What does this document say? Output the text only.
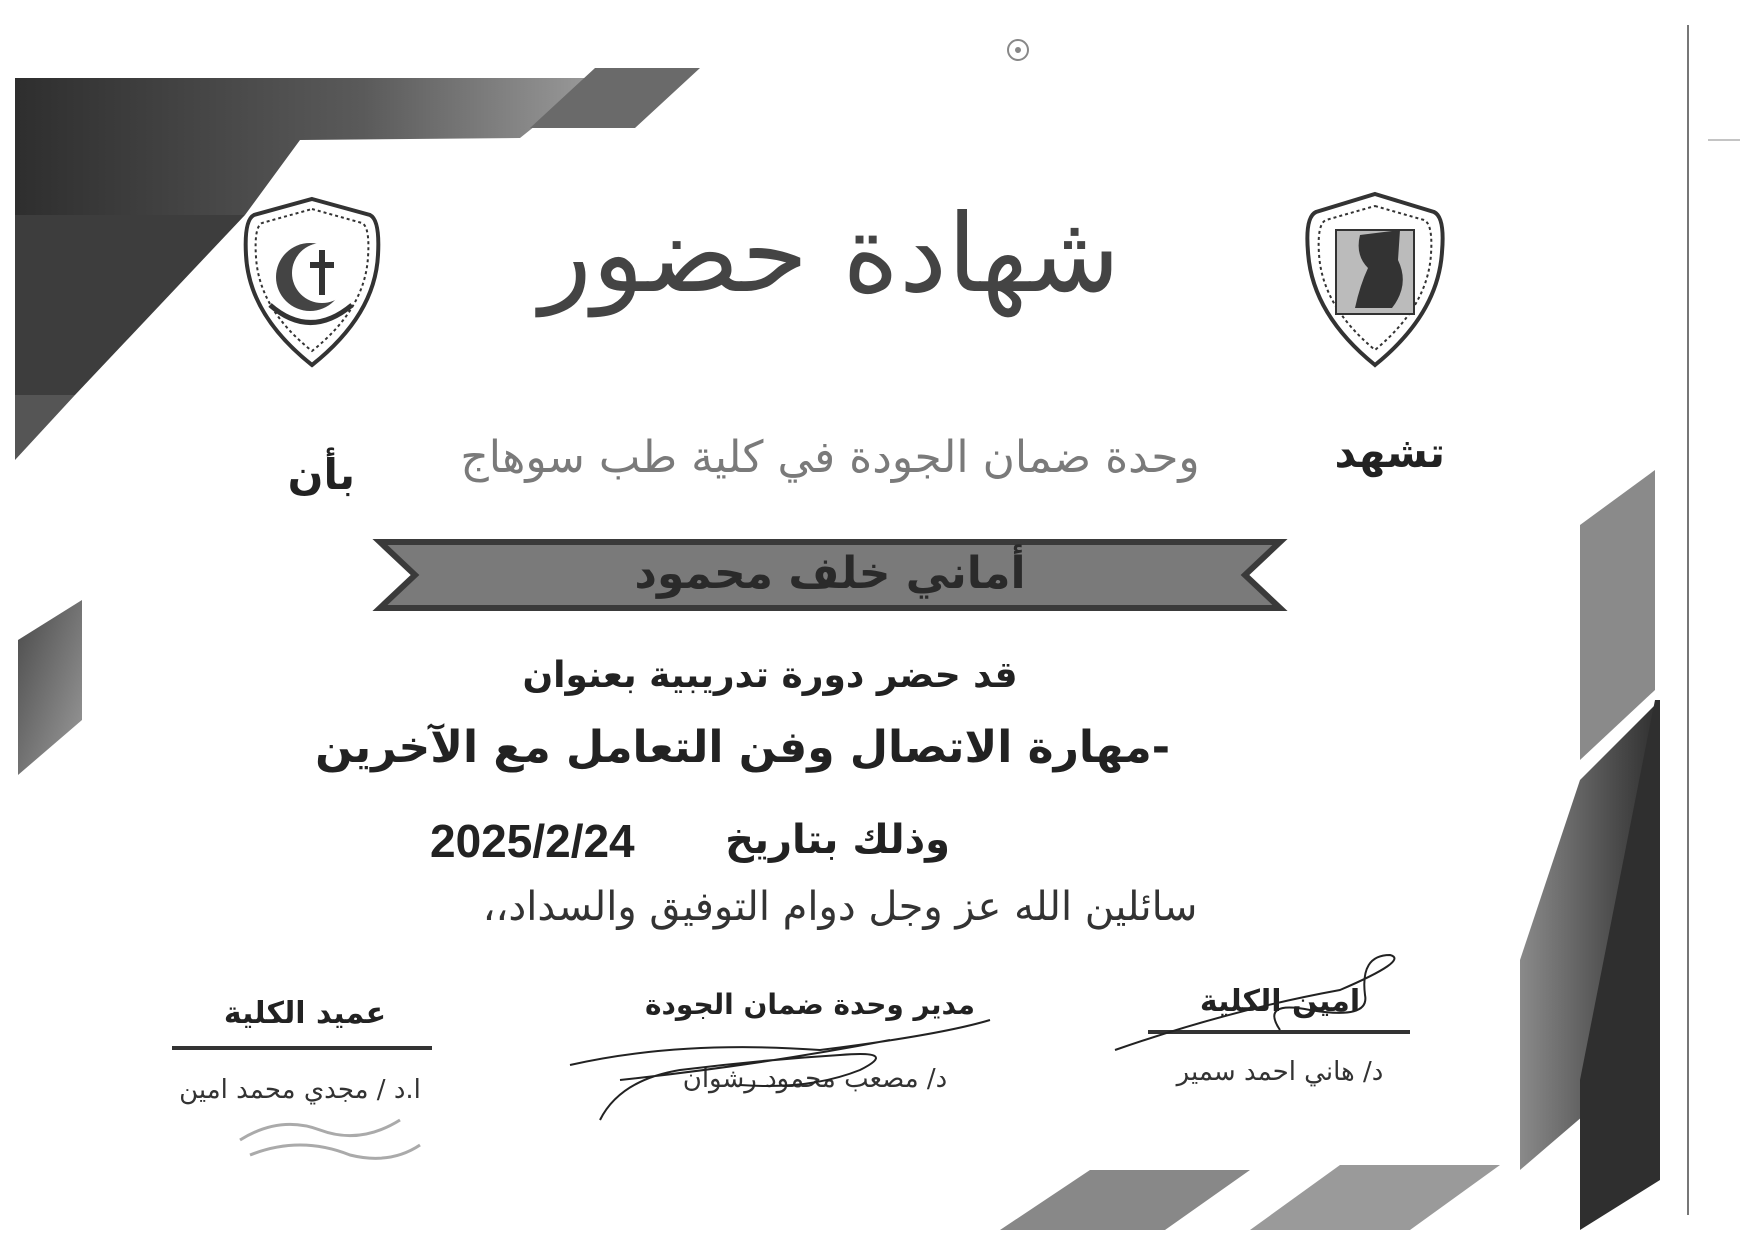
شهادة حضور
تشهد
وحدة ضمان الجودة في كلية طب سوهاج
بأن
أماني خلف محمود
قد حضر دورة تدريبية بعنوان
-مهارة الاتصال وفن التعامل مع الآخرين
وذلك بتاريخ
2025/2/24
سائلين الله عز وجل دوام التوفيق والسداد،،
عميد الكلية
ا.د / مجدي محمد امين
مدير وحدة ضمان الجودة
د/ مصعب محمود رشوان
امين الكلية
د/ هاني احمد سمير
